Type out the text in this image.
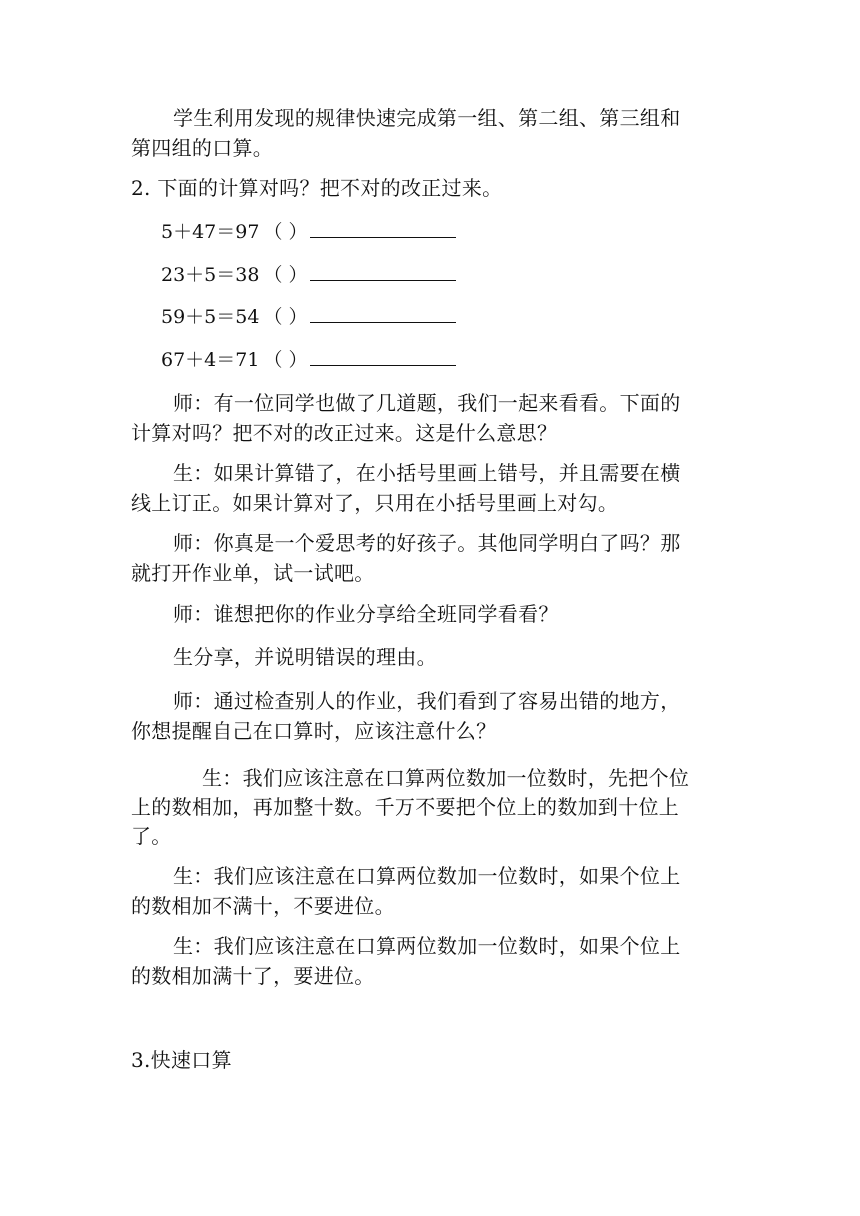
学生利用发现的规律快速完成第一组、第二组、第三组和
第四组的口算。
2. 下面的计算对吗？把不对的改正过来。
5＋47＝97 （ ）
23＋5＝38 （ ）
59＋5＝54 （ ）
67＋4＝71 （ ）
师：有一位同学也做了几道题，我们一起来看看。下面的
计算对吗？把不对的改正过来。这是什么意思？
生：如果计算错了，在小括号里画上错号，并且需要在横
线上订正。如果计算对了，只用在小括号里画上对勾。
师：你真是一个爱思考的好孩子。其他同学明白了吗？那
就打开作业单，试一试吧。
师：谁想把你的作业分享给全班同学看看？
生分享，并说明错误的理由。
师：通过检查别人的作业，我们看到了容易出错的地方，
你想提醒自己在口算时，应该注意什么？
生：我们应该注意在口算两位数加一位数时，先把个位
上的数相加，再加整十数。千万不要把个位上的数加到十位上
了。
生：我们应该注意在口算两位数加一位数时，如果个位上
的数相加不满十，不要进位。
生：我们应该注意在口算两位数加一位数时，如果个位上
的数相加满十了，要进位。
3.快速口算
